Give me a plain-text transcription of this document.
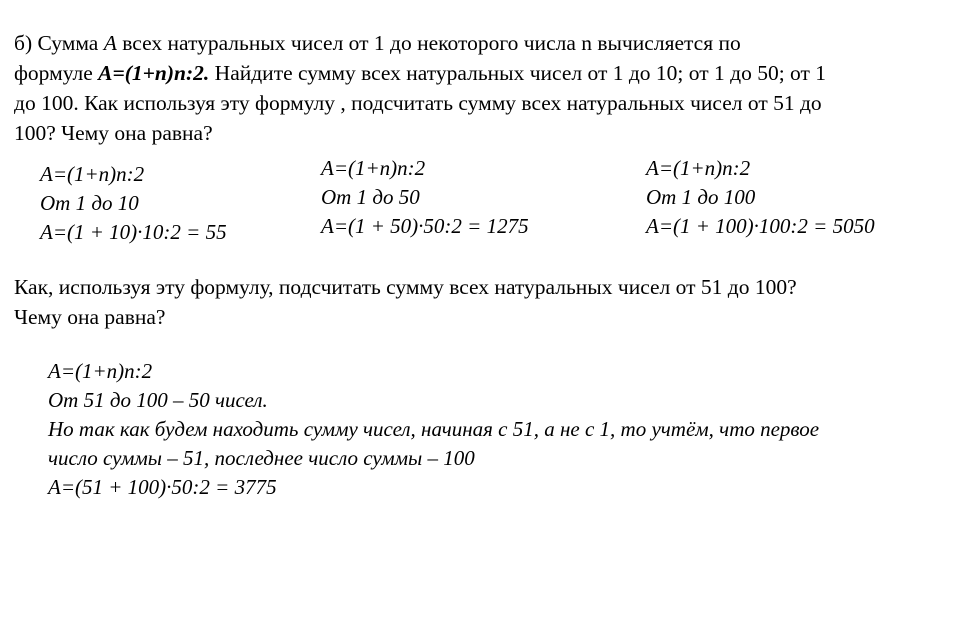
б) Сумма А всех натуральных чисел от 1 до некоторого числа n вычисляется по
формуле А=(1+n)n:2. Найдите сумму всех натуральных чисел от 1 до 10; от 1 до 50; от 1
до 100. Как используя эту формулу , подсчитать сумму всех натуральных чисел от 51 до
100? Чему она равна?
А=(1+n)n:2
От 1 до 10
А=(1 + 10)·10:2 = 55
А=(1+n)n:2
От 1 до 50
А=(1 + 50)·50:2 = 1275
А=(1+n)n:2
От 1 до 100
А=(1 + 100)·100:2 = 5050
Как, используя эту формулу, подсчитать сумму всех натуральных чисел от 51 до 100?
Чему она равна?
А=(1+n)n:2
От 51 до 100 – 50 чисел.
Но так как будем находить сумму чисел, начиная с 51, а не с 1, то учтём, что первое
число суммы – 51, последнее число суммы – 100
А=(51 + 100)·50:2 = 3775
